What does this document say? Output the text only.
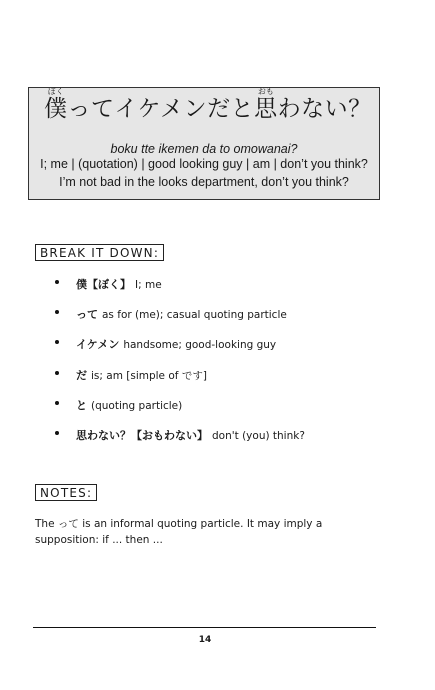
ぼく
僕ってイケメンだと
おも
思わない？
boku tte ikemen da to omowanai?
I; me | (quotation) | good looking guy | am | don’t you think?
I’m not bad in the looks department, don’t you think?
BREAK IT DOWN:
僕【ぼく】 I; me
って as for (me); casual quoting particle
イケメン handsome; good-looking guy
だ is; am [simple of です]
と (quoting particle)
思わない？【おもわない】 don't (you) think?
NOTES:

The って is an informal quoting particle. It may imply a supposition: if ... then ...

14
